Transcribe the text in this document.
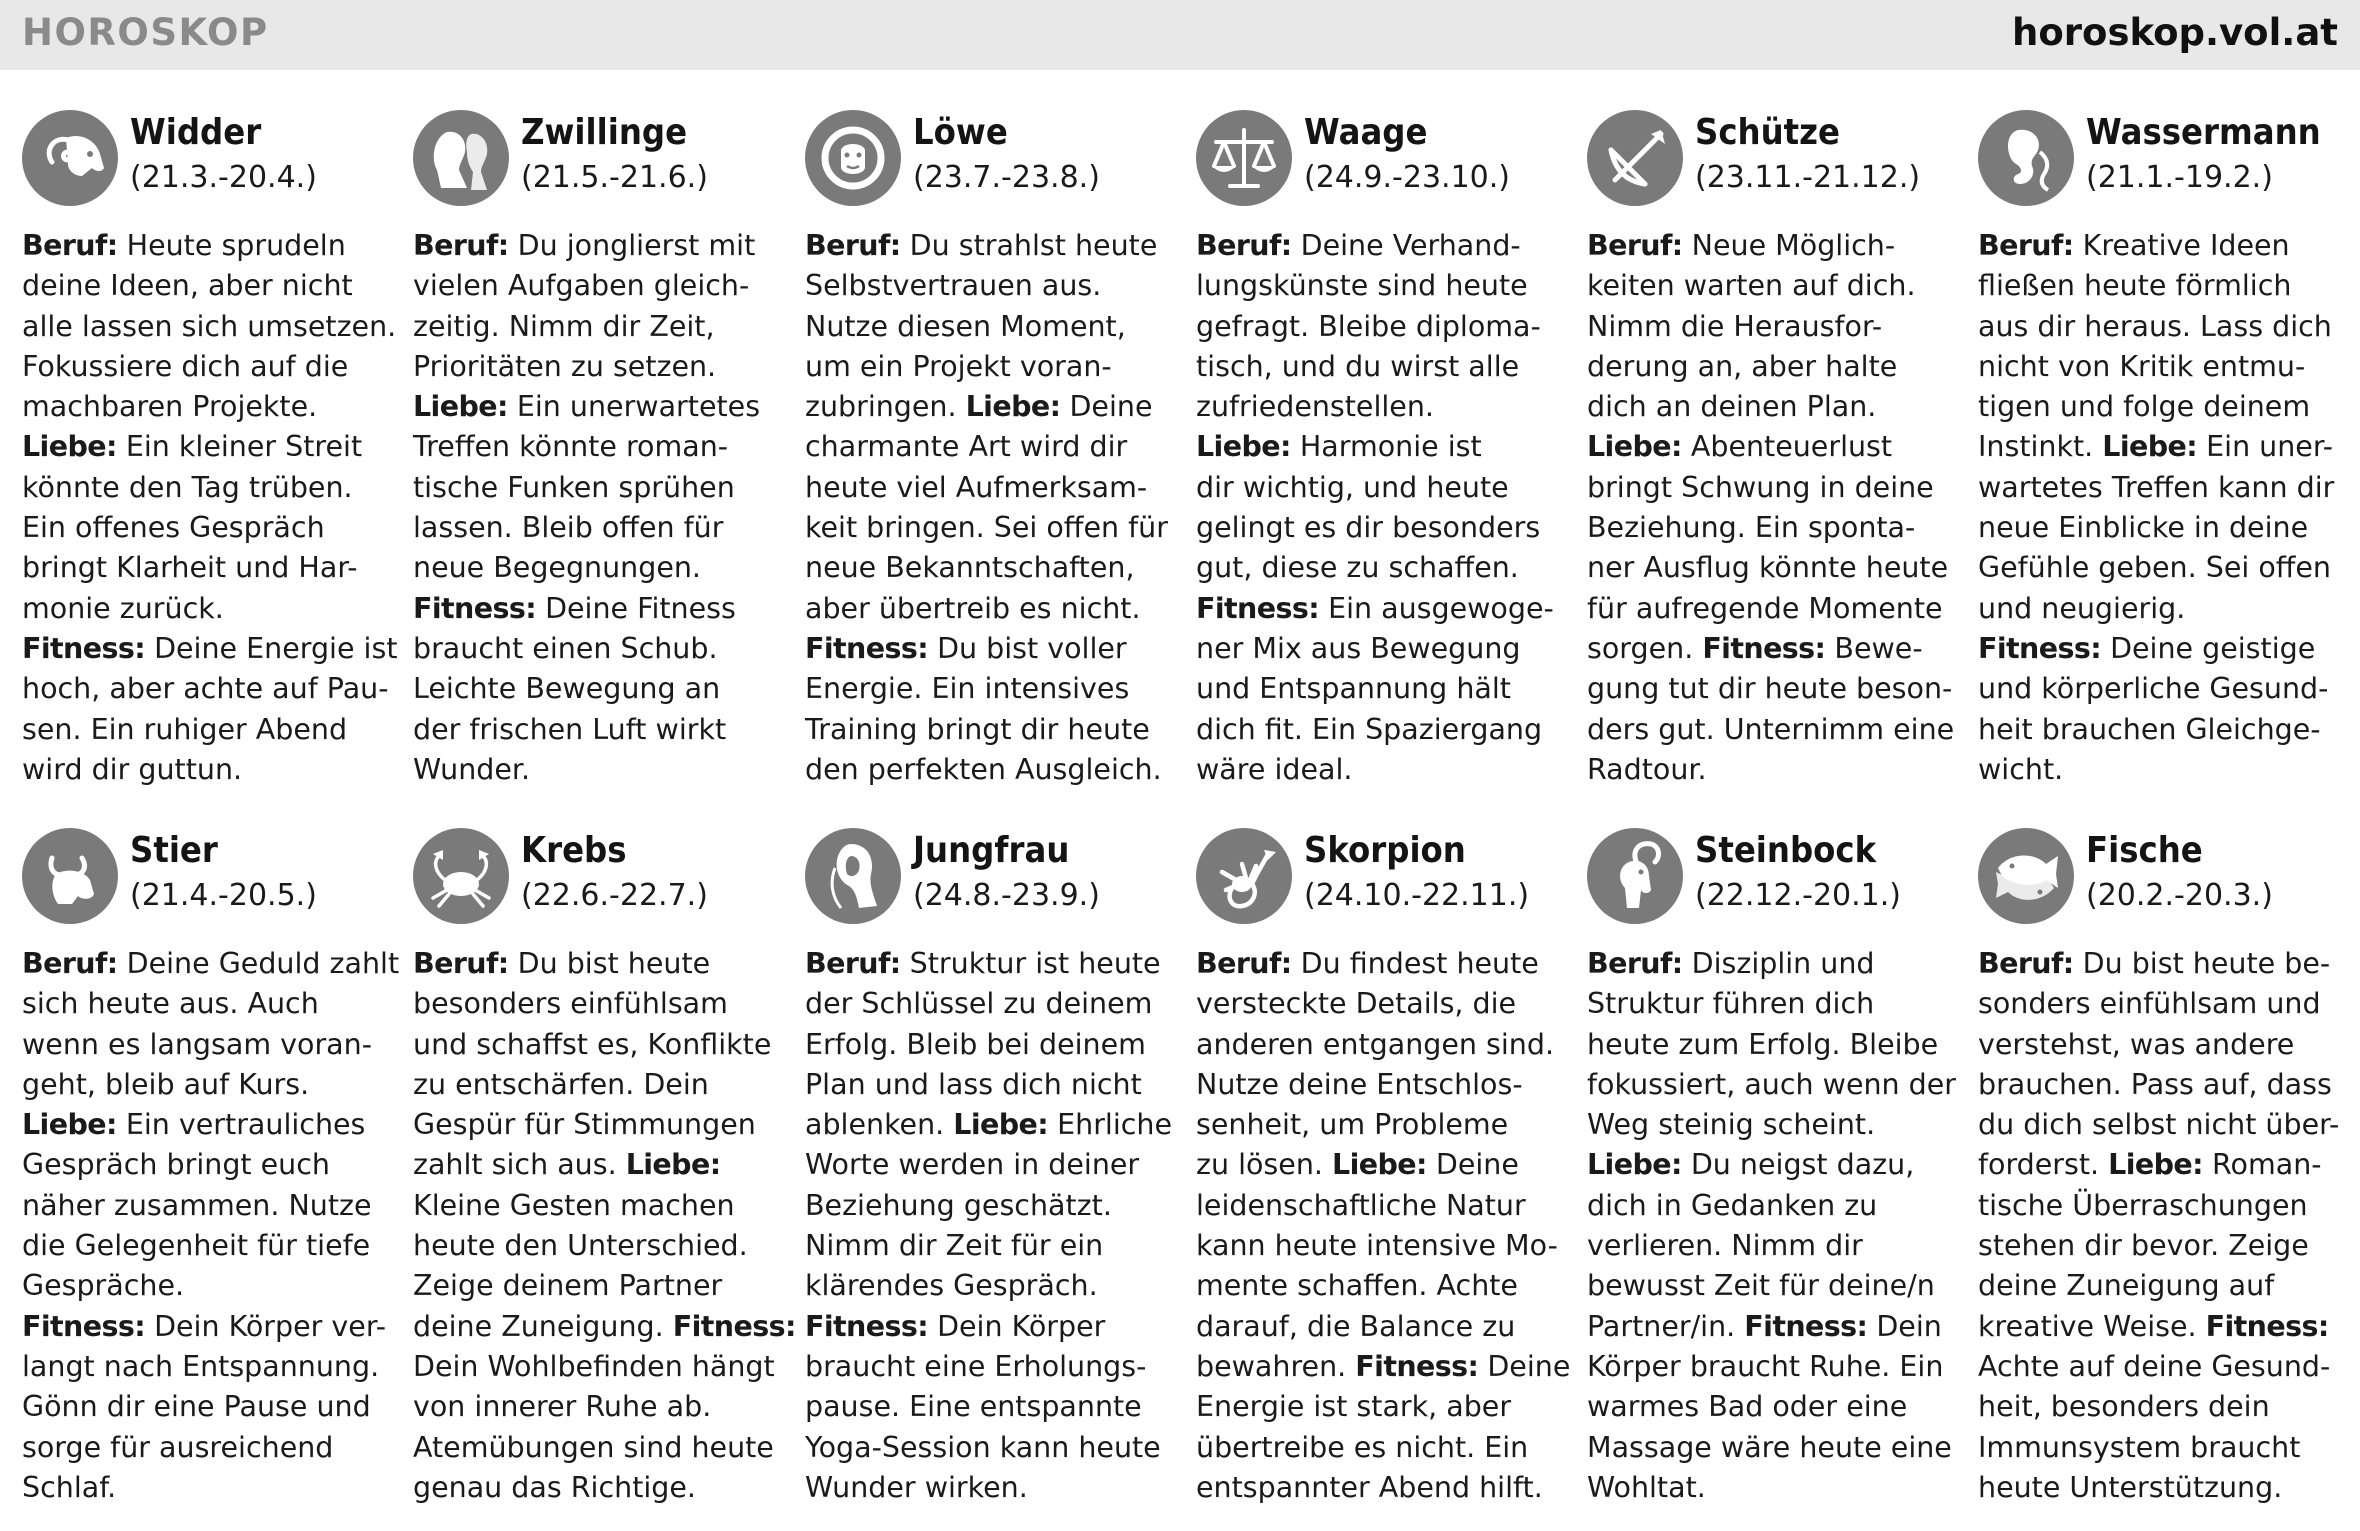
HOROSKOP	horoskop.vol.at
Widder
(21.3.-20.4.)
Beruf: Heute sprudeln
deine Ideen, aber nicht
alle lassen sich umsetzen.
Fokussiere dich auf die
machbaren Projekte.
Liebe: Ein kleiner Streit
könnte den Tag trüben.
Ein offenes Gespräch
bringt Klarheit und Har-
monie zurück.
Fitness: Deine Energie ist
hoch, aber achte auf Pau-
sen. Ein ruhiger Abend
wird dir guttun.
Zwillinge
(21.5.-21.6.)
Beruf: Du jonglierst mit
vielen Aufgaben gleich-
zeitig. Nimm dir Zeit,
Prioritäten zu setzen.
Liebe: Ein unerwartetes
Treffen könnte roman-
tische Funken sprühen
lassen. Bleib offen für
neue Begegnungen.
Fitness: Deine Fitness
braucht einen Schub.
Leichte Bewegung an
der frischen Luft wirkt
Wunder.
Löwe
(23.7.-23.8.)
Beruf: Du strahlst heute
Selbstvertrauen aus.
Nutze diesen Moment,
um ein Projekt voran-
zubringen. Liebe: Deine
charmante Art wird dir
heute viel Aufmerksam-
keit bringen. Sei offen für
neue Bekanntschaften,
aber übertreib es nicht.
Fitness: Du bist voller
Energie. Ein intensives
Training bringt dir heute
den perfekten Ausgleich.
Waage
(24.9.-23.10.)
Beruf: Deine Verhand-
lungskünste sind heute
gefragt. Bleibe diploma-
tisch, und du wirst alle
zufriedenstellen.
Liebe: Harmonie ist
dir wichtig, und heute
gelingt es dir besonders
gut, diese zu schaffen.
Fitness: Ein ausgewoge-
ner Mix aus Bewegung
und Entspannung hält
dich fit. Ein Spaziergang
wäre ideal.
Schütze
(23.11.-21.12.)
Beruf: Neue Möglich-
keiten warten auf dich.
Nimm die Herausfor-
derung an, aber halte
dich an deinen Plan.
Liebe: Abenteuerlust
bringt Schwung in deine
Beziehung. Ein sponta-
ner Ausflug könnte heute
für aufregende Momente
sorgen. Fitness: Bewe-
gung tut dir heute beson-
ders gut. Unternimm eine
Radtour.
Wassermann
(21.1.-19.2.)
Beruf: Kreative Ideen
fließen heute förmlich
aus dir heraus. Lass dich
nicht von Kritik entmu-
tigen und folge deinem
Instinkt. Liebe: Ein uner-
wartetes Treffen kann dir
neue Einblicke in deine
Gefühle geben. Sei offen
und neugierig.
Fitness: Deine geistige
und körperliche Gesund-
heit brauchen Gleichge-
wicht.
Stier
(21.4.-20.5.)
Beruf: Deine Geduld zahlt
sich heute aus. Auch
wenn es langsam voran-
geht, bleib auf Kurs.
Liebe: Ein vertrauliches
Gespräch bringt euch
näher zusammen. Nutze
die Gelegenheit für tiefe
Gespräche.
Fitness: Dein Körper ver-
langt nach Entspannung.
Gönn dir eine Pause und
sorge für ausreichend
Schlaf.
Krebs
(22.6.-22.7.)
Beruf: Du bist heute
besonders einfühlsam
und schaffst es, Konflikte
zu entschärfen. Dein
Gespür für Stimmungen
zahlt sich aus. Liebe:
Kleine Gesten machen
heute den Unterschied.
Zeige deinem Partner
deine Zuneigung. Fitness:
Dein Wohlbefinden hängt
von innerer Ruhe ab.
Atemübungen sind heute
genau das Richtige.
Jungfrau
(24.8.-23.9.)
Beruf: Struktur ist heute
der Schlüssel zu deinem
Erfolg. Bleib bei deinem
Plan und lass dich nicht
ablenken. Liebe: Ehrliche
Worte werden in deiner
Beziehung geschätzt.
Nimm dir Zeit für ein
klärendes Gespräch.
Fitness: Dein Körper
braucht eine Erholungs-
pause. Eine entspannte
Yoga-Session kann heute
Wunder wirken.
Skorpion
(24.10.-22.11.)
Beruf: Du findest heute
versteckte Details, die
anderen entgangen sind.
Nutze deine Entschlos-
senheit, um Probleme
zu lösen. Liebe: Deine
leidenschaftliche Natur
kann heute intensive Mo-
mente schaffen. Achte
darauf, die Balance zu
bewahren. Fitness: Deine
Energie ist stark, aber
übertreibe es nicht. Ein
entspannter Abend hilft.
Steinbock
(22.12.-20.1.)
Beruf: Disziplin und
Struktur führen dich
heute zum Erfolg. Bleibe
fokussiert, auch wenn der
Weg steinig scheint.
Liebe: Du neigst dazu,
dich in Gedanken zu
verlieren. Nimm dir
bewusst Zeit für deine/n
Partner/in. Fitness: Dein
Körper braucht Ruhe. Ein
warmes Bad oder eine
Massage wäre heute eine
Wohltat.
Fische
(20.2.-20.3.)
Beruf: Du bist heute be-
sonders einfühlsam und
verstehst, was andere
brauchen. Pass auf, dass
du dich selbst nicht über-
forderst. Liebe: Roman-
tische Überraschungen
stehen dir bevor. Zeige
deine Zuneigung auf
kreative Weise. Fitness:
Achte auf deine Gesund-
heit, besonders dein
Immunsystem braucht
heute Unterstützung.
